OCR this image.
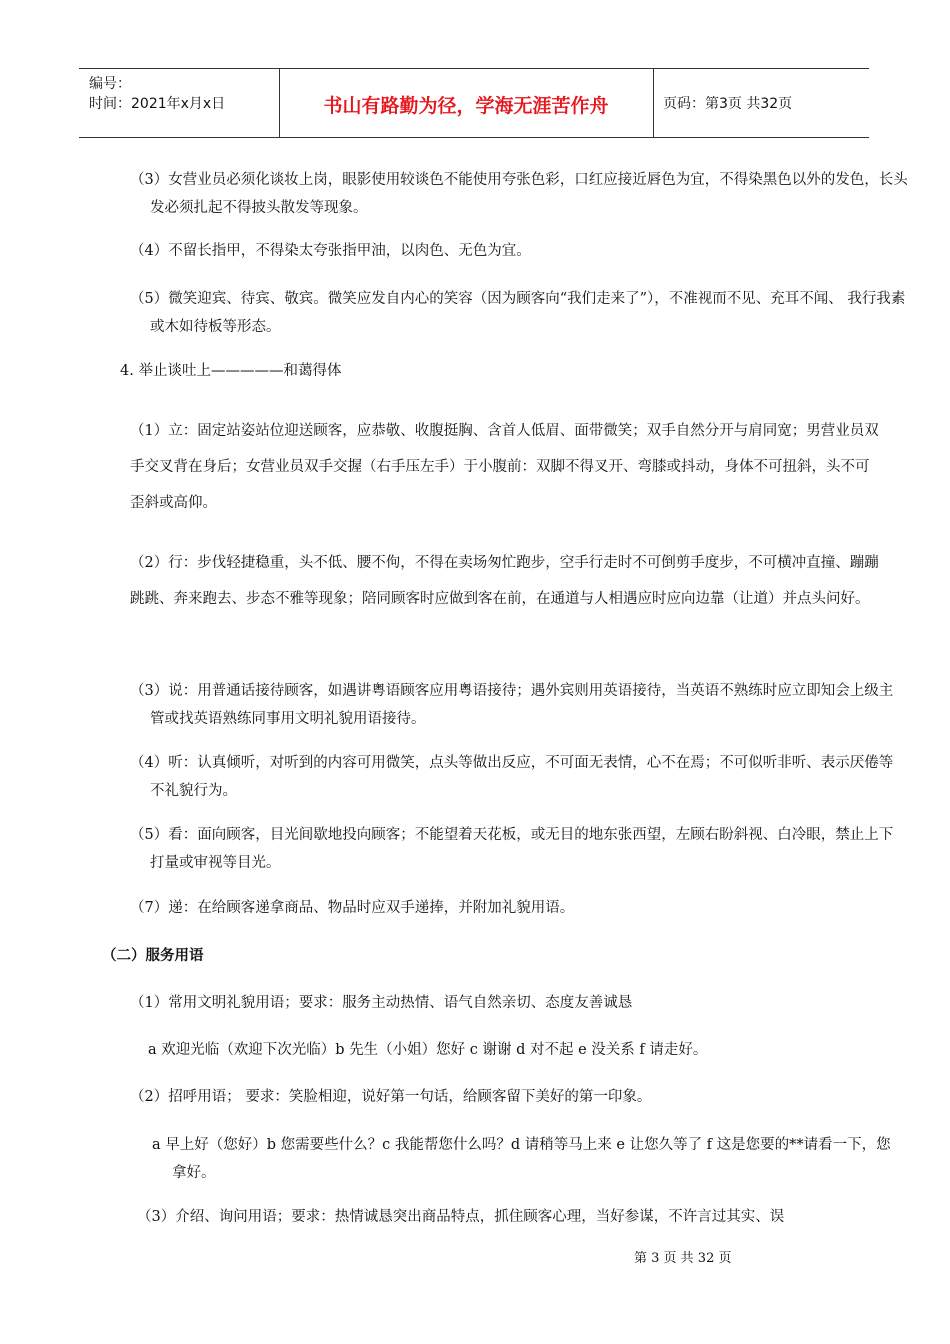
编号：
时间：2021年x月x日	书山有路勤为径，学海无涯苦作舟	页码：第3页 共32页
（3）女营业员必须化谈妆上岗，眼影使用较谈色不能使用夸张色彩，口红应接近唇色为宜，不得染黑色以外的发色，长头发必须扎起不得披头散发等现象。
（4）不留长指甲，不得染太夸张指甲油，以肉色、无色为宜。
（5）微笑迎宾、待宾、敬宾。微笑应发自内心的笑容（因为顾客向“我们走来了”），不准视而不见、充耳不闻、 我行我素或木如待板等形态。
4. 举止谈吐上—————和蔼得体
（1）立：固定站姿站位迎送顾客，应恭敬、收腹挺胸、含首人低眉、面带微笑；双手自然分开与肩同宽；男营业员双手交叉背在身后；女营业员双手交握（右手压左手）于小腹前：双脚不得叉开、弯膝或抖动，身体不可扭斜，头不可歪斜或高仰。
（2）行：步伐轻捷稳重，头不低、腰不佝，不得在卖场匆忙跑步，空手行走时不可倒剪手度步，不可横冲直撞、蹦蹦跳跳、奔来跑去、步态不雅等现象；陪同顾客时应做到客在前，在通道与人相遇应时应向边靠（让道）并点头问好。
（3）说：用普通话接待顾客，如遇讲粤语顾客应用粤语接待；遇外宾则用英语接待，当英语不熟练时应立即知会上级主管或找英语熟练同事用文明礼貌用语接待。
（4）听：认真倾听，对听到的内容可用微笑，点头等做出反应，不可面无表情，心不在焉；不可似听非听、表示厌倦等不礼貌行为。
（5）看：面向顾客，目光间歇地投向顾客；不能望着天花板，或无目的地东张西望，左顾右盼斜视、白冷眼，禁止上下打量或审视等目光。
（7）递：在给顾客递拿商品、物品时应双手递捧，并附加礼貌用语。
（二）服务用语
（1）常用文明礼貌用语；要求：服务主动热情、语气自然亲切、态度友善诚恳
a 欢迎光临（欢迎下次光临）b 先生（小姐）您好 c 谢谢 d 对不起 e 没关系 f 请走好。
（2）招呼用语； 要求：笑脸相迎，说好第一句话，给顾客留下美好的第一印象。
a 早上好（您好）b 您需要些什么？c 我能帮您什么吗？d 请稍等马上来 e 让您久等了 f 这是您要的**请看一下，您拿好。
（3）介绍、询问用语；要求：热情诚恳突出商品特点，抓住顾客心理，当好参谋，不许言过其实、误
第 3 页 共 32 页
